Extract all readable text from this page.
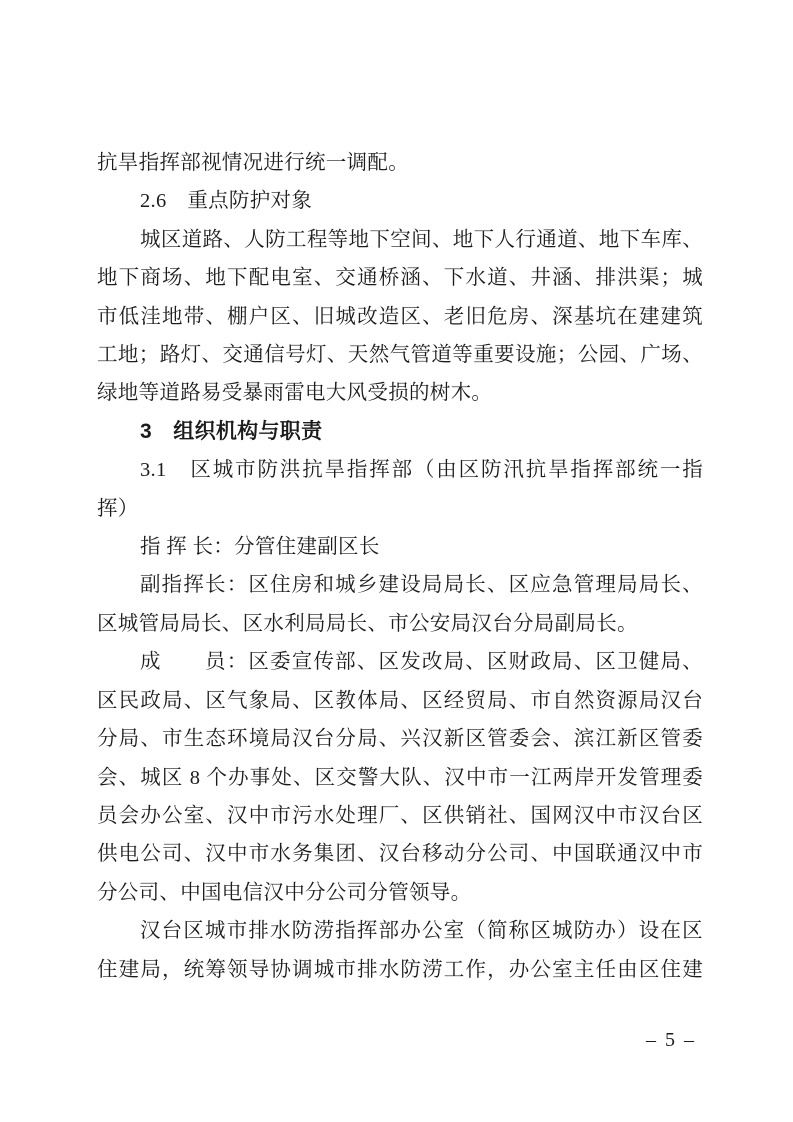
抗旱指挥部视情况进行统一调配。
2.6　重点防护对象
城区道路、人防工程等地下空间、地下人行通道、地下车库、
地下商场、地下配电室、交通桥涵、下水道、井涵、排洪渠；城
市低洼地带、棚户区、旧城改造区、老旧危房、深基坑在建建筑
工地；路灯、交通信号灯、天然气管道等重要设施；公园、广场、
绿地等道路易受暴雨雷电大风受损的树木。
3　组织机构与职责
3.1　区城市防洪抗旱指挥部（由区防汛抗旱指挥部统一指
挥）
指 挥 长：分管住建副区长
副指挥长：区住房和城乡建设局局长、区应急管理局局长、
区城管局局长、区水利局局长、市公安局汉台分局副局长。
成　　员：区委宣传部、区发改局、区财政局、区卫健局、
区民政局、区气象局、区教体局、区经贸局、市自然资源局汉台
分局、市生态环境局汉台分局、兴汉新区管委会、滨江新区管委
会、城区 8 个办事处、区交警大队、汉中市一江两岸开发管理委
员会办公室、汉中市污水处理厂、区供销社、国网汉中市汉台区
供电公司、汉中市水务集团、汉台移动分公司、中国联通汉中市
分公司、中国电信汉中分公司分管领导。
汉台区城市排水防涝指挥部办公室（简称区城防办）设在区
住建局，统筹领导协调城市排水防涝工作，办公室主任由区住建
– 5 –
